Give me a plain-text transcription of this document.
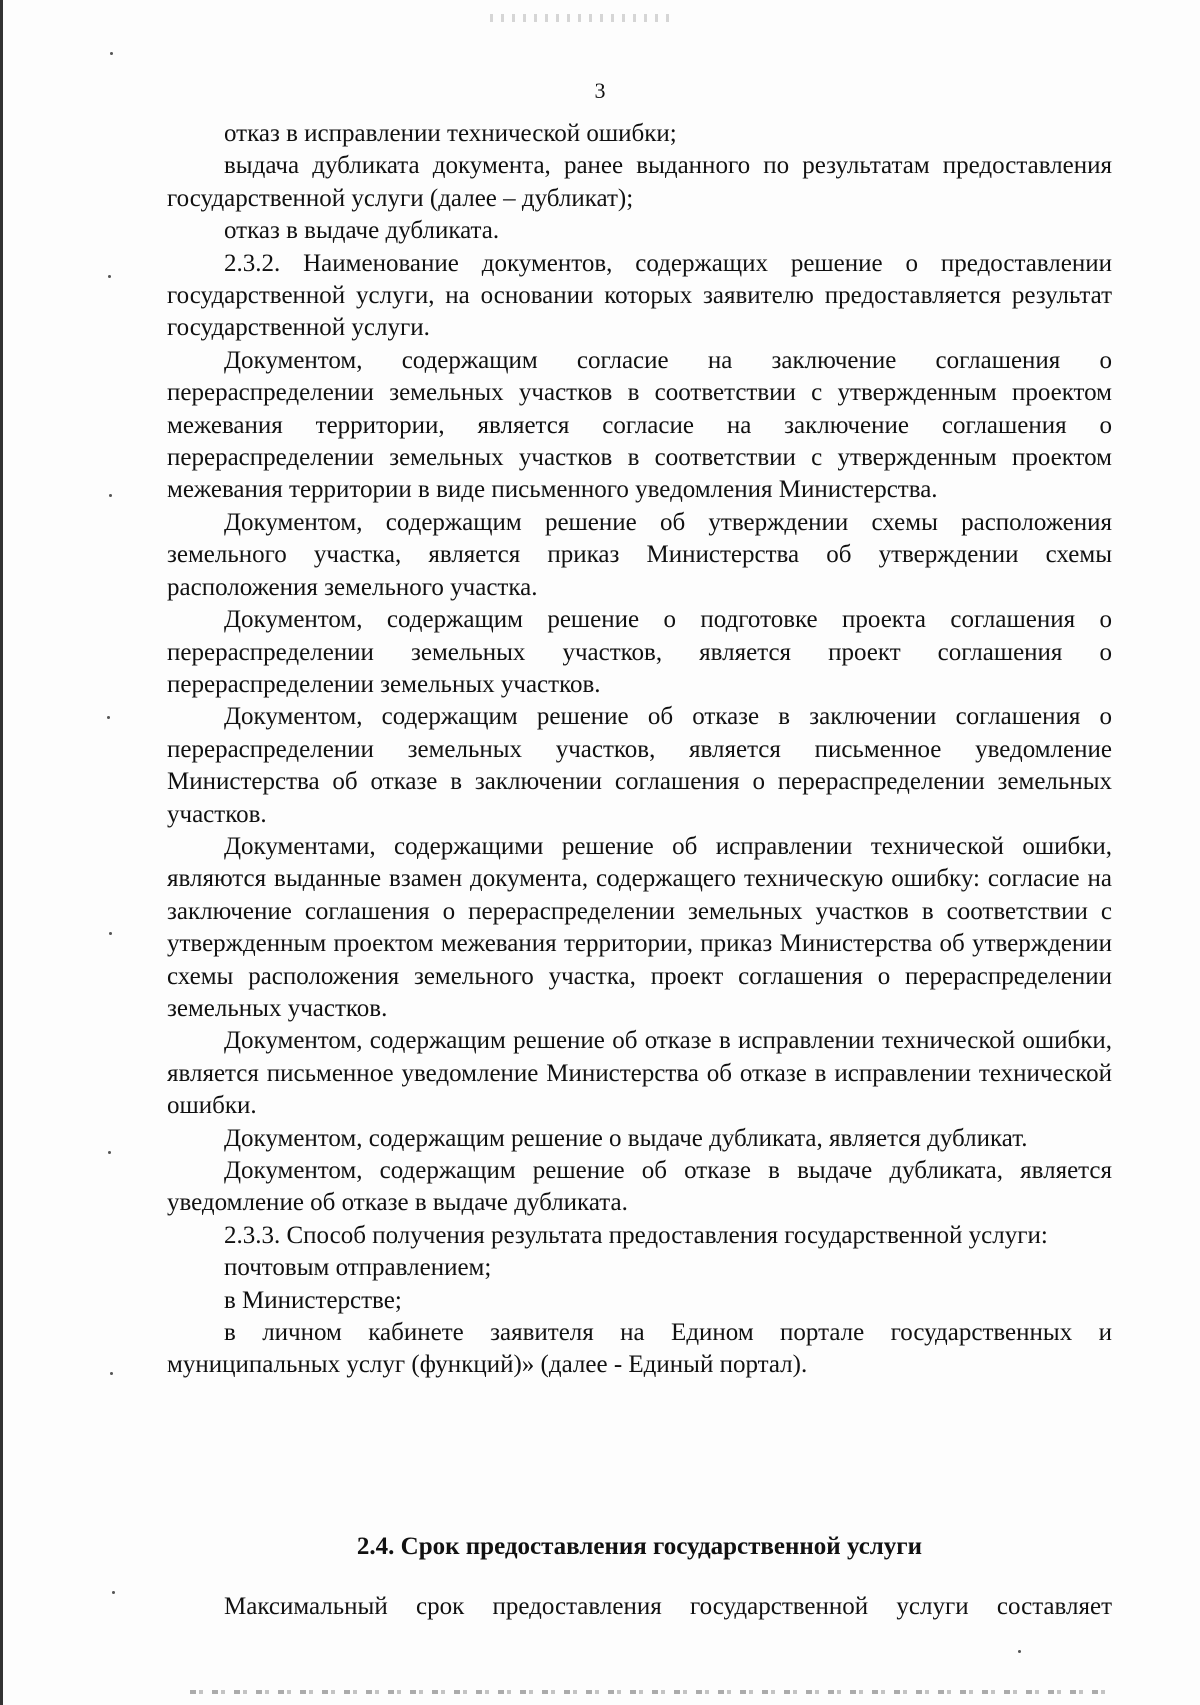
3

отказ в исправлении технической ошибки;

выдача дубликата документа, ранее выданного по результатам предоставления государственной услуги (далее – дубликат);

отказ в выдаче дубликата.

2.3.2. Наименование документов, содержащих решение о предоставлении государственной услуги, на основании которых заявителю предоставляется результат государственной услуги.

Документом, содержащим согласие на заключение соглашения о перераспределении земельных участков в соответствии с утвержденным проектом межевания территории, является согласие на заключение соглашения о перераспределении земельных участков в соответствии с утвержденным проектом межевания территории в виде письменного уведомления Министерства.

Документом, содержащим решение об утверждении схемы расположения земельного участка, является приказ Министерства об утверждении схемы расположения земельного участка.

Документом, содержащим решение о подготовке проекта соглашения о перераспределении земельных участков, является проект соглашения о перераспределении земельных участков.

Документом, содержащим решение об отказе в заключении соглашения о перераспределении земельных участков, является письменное уведомление Министерства об отказе в заключении соглашения о перераспределении земельных участков.

Документами, содержащими решение об исправлении технической ошибки, являются выданные взамен документа, содержащего техническую ошибку: согласие на заключение соглашения о перераспределении земельных участков в соответствии с утвержденным проектом межевания территории, приказ Министерства об утверждении схемы расположения земельного участка, проект соглашения о перераспределении земельных участков.

Документом, содержащим решение об отказе в исправлении технической ошибки, является письменное уведомление Министерства об отказе в исправлении технической ошибки.

Документом, содержащим решение о выдаче дубликата, является дубликат.

Документом, содержащим решение об отказе в выдаче дубликата, является уведомление об отказе в выдаче дубликата.

2.3.3. Способ получения результата предоставления государственной услуги:

почтовым отправлением;

в Министерстве;

в личном кабинете заявителя на Едином портале государственных и муниципальных услуг (функций)» (далее - Единый портал).

2.4. Срок предоставления государственной услуги
Максимальный срок предоставления государственной услуги составляет
